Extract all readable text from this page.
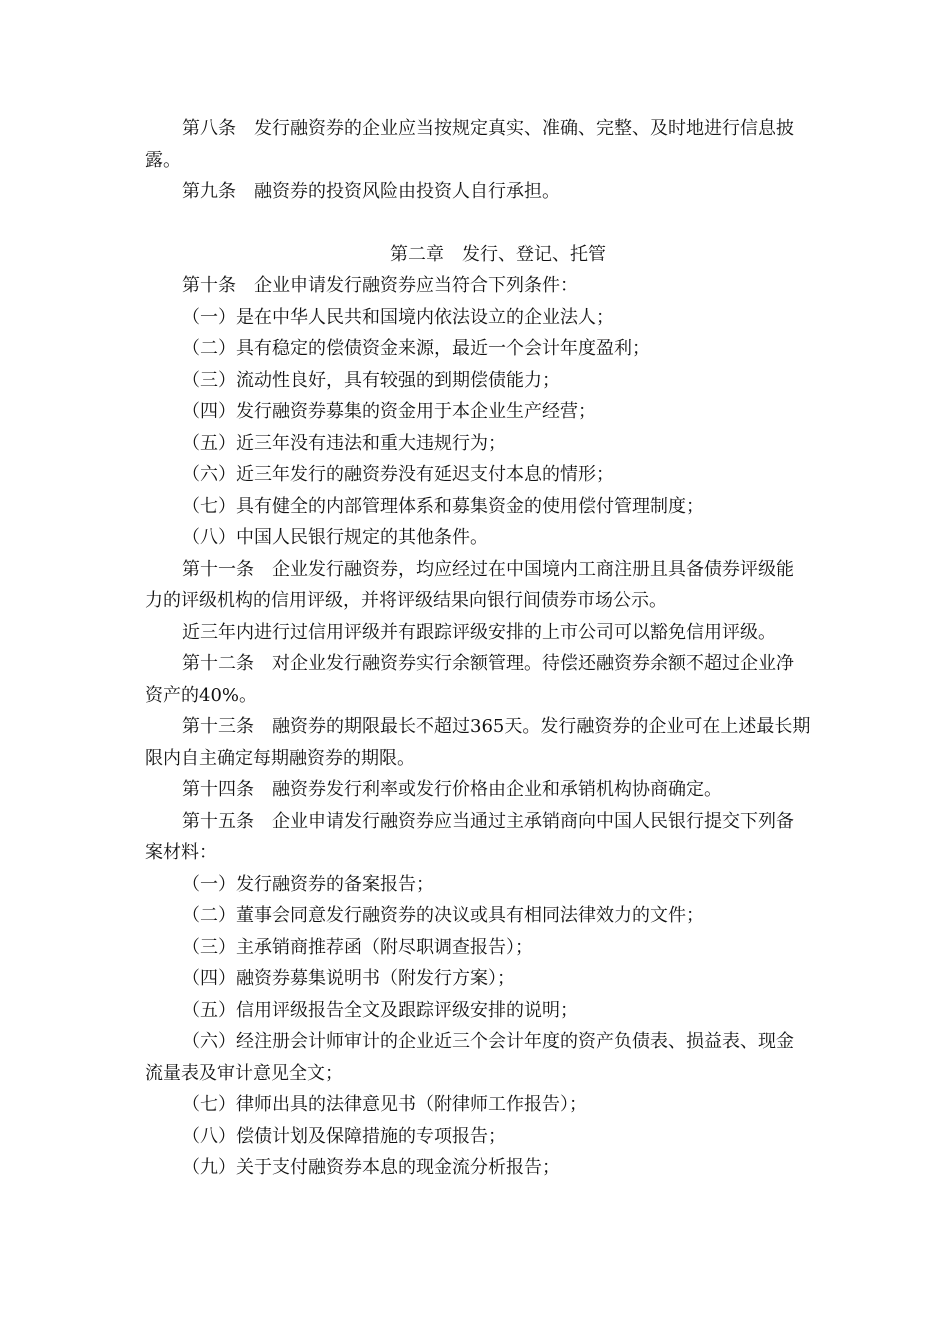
第八条　发行融资券的企业应当按规定真实、准确、完整、及时地进行信息披露。

第九条　融资券的投资风险由投资人自行承担。

第二章　发行、登记、托管

第十条　企业申请发行融资券应当符合下列条件：

（一）是在中华人民共和国境内依法设立的企业法人；

（二）具有稳定的偿债资金来源，最近一个会计年度盈利；

（三）流动性良好，具有较强的到期偿债能力；

（四）发行融资券募集的资金用于本企业生产经营；

（五）近三年没有违法和重大违规行为；

（六）近三年发行的融资券没有延迟支付本息的情形；

（七）具有健全的内部管理体系和募集资金的使用偿付管理制度；

（八）中国人民银行规定的其他条件。

第十一条　企业发行融资券，均应经过在中国境内工商注册且具备债券评级能力的评级机构的信用评级，并将评级结果向银行间债券市场公示。

近三年内进行过信用评级并有跟踪评级安排的上市公司可以豁免信用评级。

第十二条　对企业发行融资券实行余额管理。待偿还融资券余额不超过企业净资产的40%。

第十三条　融资券的期限最长不超过365天。发行融资券的企业可在上述最长期限内自主确定每期融资券的期限。

第十四条　融资券发行利率或发行价格由企业和承销机构协商确定。

第十五条　企业申请发行融资券应当通过主承销商向中国人民银行提交下列备案材料：

（一）发行融资券的备案报告；

（二）董事会同意发行融资券的决议或具有相同法律效力的文件；

（三）主承销商推荐函（附尽职调查报告）；

（四）融资券募集说明书（附发行方案）；

（五）信用评级报告全文及跟踪评级安排的说明；

（六）经注册会计师审计的企业近三个会计年度的资产负债表、损益表、现金流量表及审计意见全文；

（七）律师出具的法律意见书（附律师工作报告）；

（八）偿债计划及保障措施的专项报告；

（九）关于支付融资券本息的现金流分析报告；
